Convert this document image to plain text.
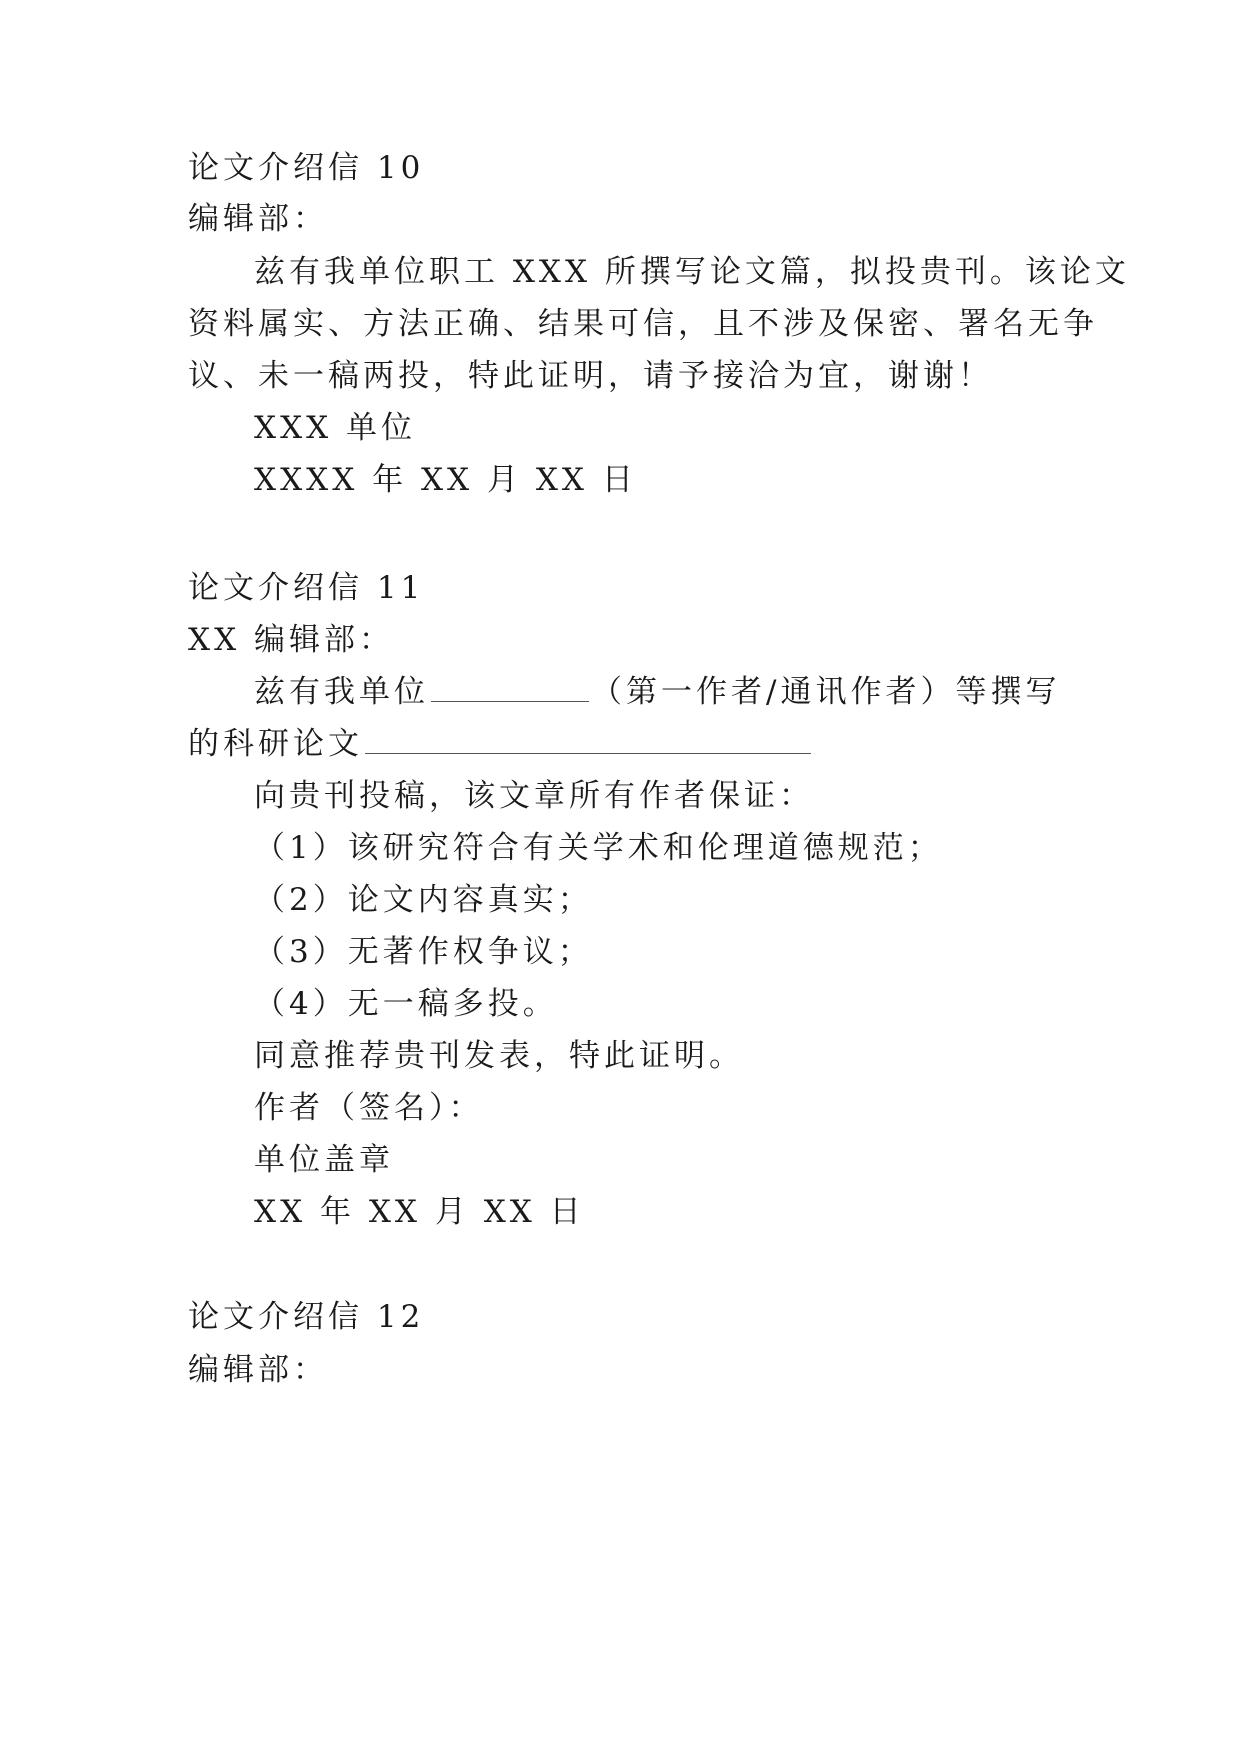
论文介绍信 10
编辑部：
兹有我单位职工 XXX 所撰写论文篇，拟投贵刊。该论文
资料属实、方法正确、结果可信，且不涉及保密、署名无争
议、未一稿两投，特此证明，请予接洽为宜，谢谢！
XXX 单位
XXXX 年 XX 月 XX 日
论文介绍信 11
XX 编辑部：
兹有我单位	（第一作者/通讯作者）等撰写
的科研论文
向贵刊投稿，该文章所有作者保证：
（1）该研究符合有关学术和伦理道德规范；
（2）论文内容真实；
（3）无著作权争议；
（4）无一稿多投。
同意推荐贵刊发表，特此证明。
作者（签名）：
单位盖章
XX 年 XX 月 XX 日
论文介绍信 12
编辑部：
